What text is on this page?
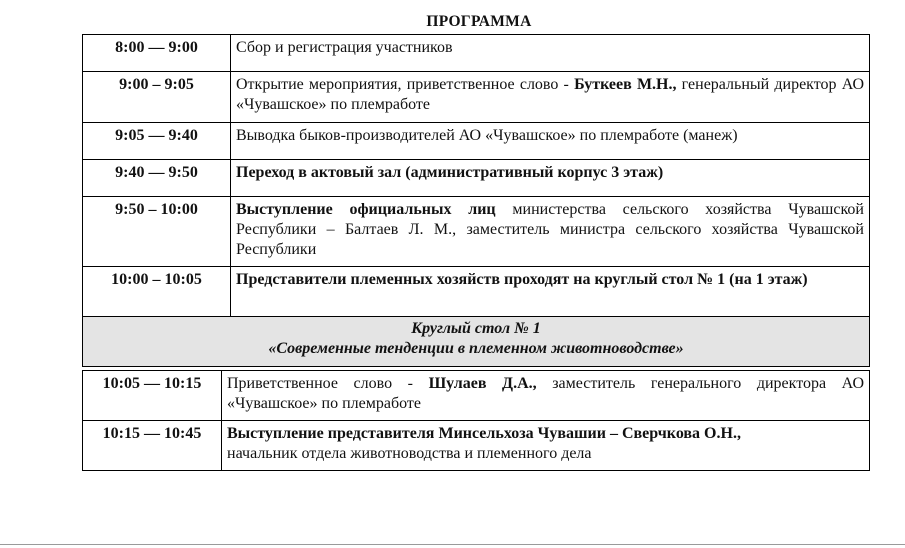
ПРОГРАММА
8:00 — 9:00	Сбор и регистрация участников
9:00 – 9:05	Открытие мероприятия, приветственное слово - Буткеев М.Н., генеральный директор АО «Чувашское» по племработе
9:05 — 9:40	Выводка быков-производителей АО «Чувашское» по племработе (манеж)
9:40 — 9:50	Переход в актовый зал (административный корпус 3 этаж)
9:50 – 10:00	Выступление официальных лиц министерства сельского хозяйства Чувашской Республики – Балтаев Л. М., заместитель министра сельского хозяйства Чувашской Республики
10:00 – 10:05	Представители племенных хозяйств проходят на круглый стол № 1 (на 1 этаж)

Круглый стол № 1
«Современные тенденции в племенном животноводстве»	
10:05 — 10:15	Приветственное слово - Шулаев Д.А., заместитель генерального директора АО «Чувашское» по племработе
10:15 — 10:45	Выступление представителя Минсельхоза Чувашии – Сверчкова О.Н.,
начальник отдела животноводства и племенного дела
